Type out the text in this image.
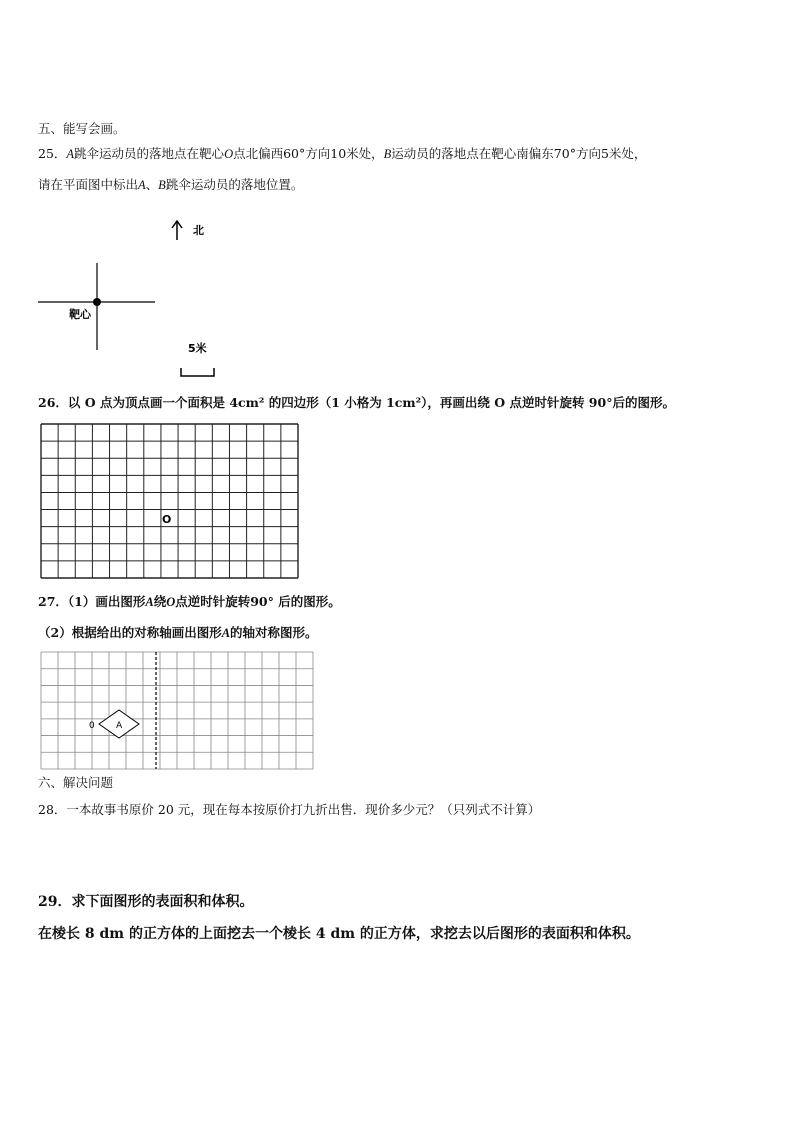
五、能写会画。
25．A跳伞运动员的落地点在靶心O点北偏西60°方向10米处，B运动员的落地点在靶心南偏东70°方向5米处，
请在平面图中标出A、B跳伞运动员的落地位置。
北
靶心
5米
26．以 O 点为顶点画一个面积是 4cm² 的四边形（1 小格为 1cm²），再画出绕 O 点逆时针旋转 90°后的图形。
O
27．（1）画出图形A绕O点逆时针旋转90° 后的图形。
（2）根据给出的对称轴画出图形A的轴对称图形。
A
0
六、解决问题
28．一本故事书原价 20 元，现在每本按原价打九折出售．现价多少元？（只列式不计算）
29．求下面图形的表面积和体积。
在棱长 8 dm 的正方体的上面挖去一个棱长 4 dm 的正方体，求挖去以后图形的表面积和体积。
